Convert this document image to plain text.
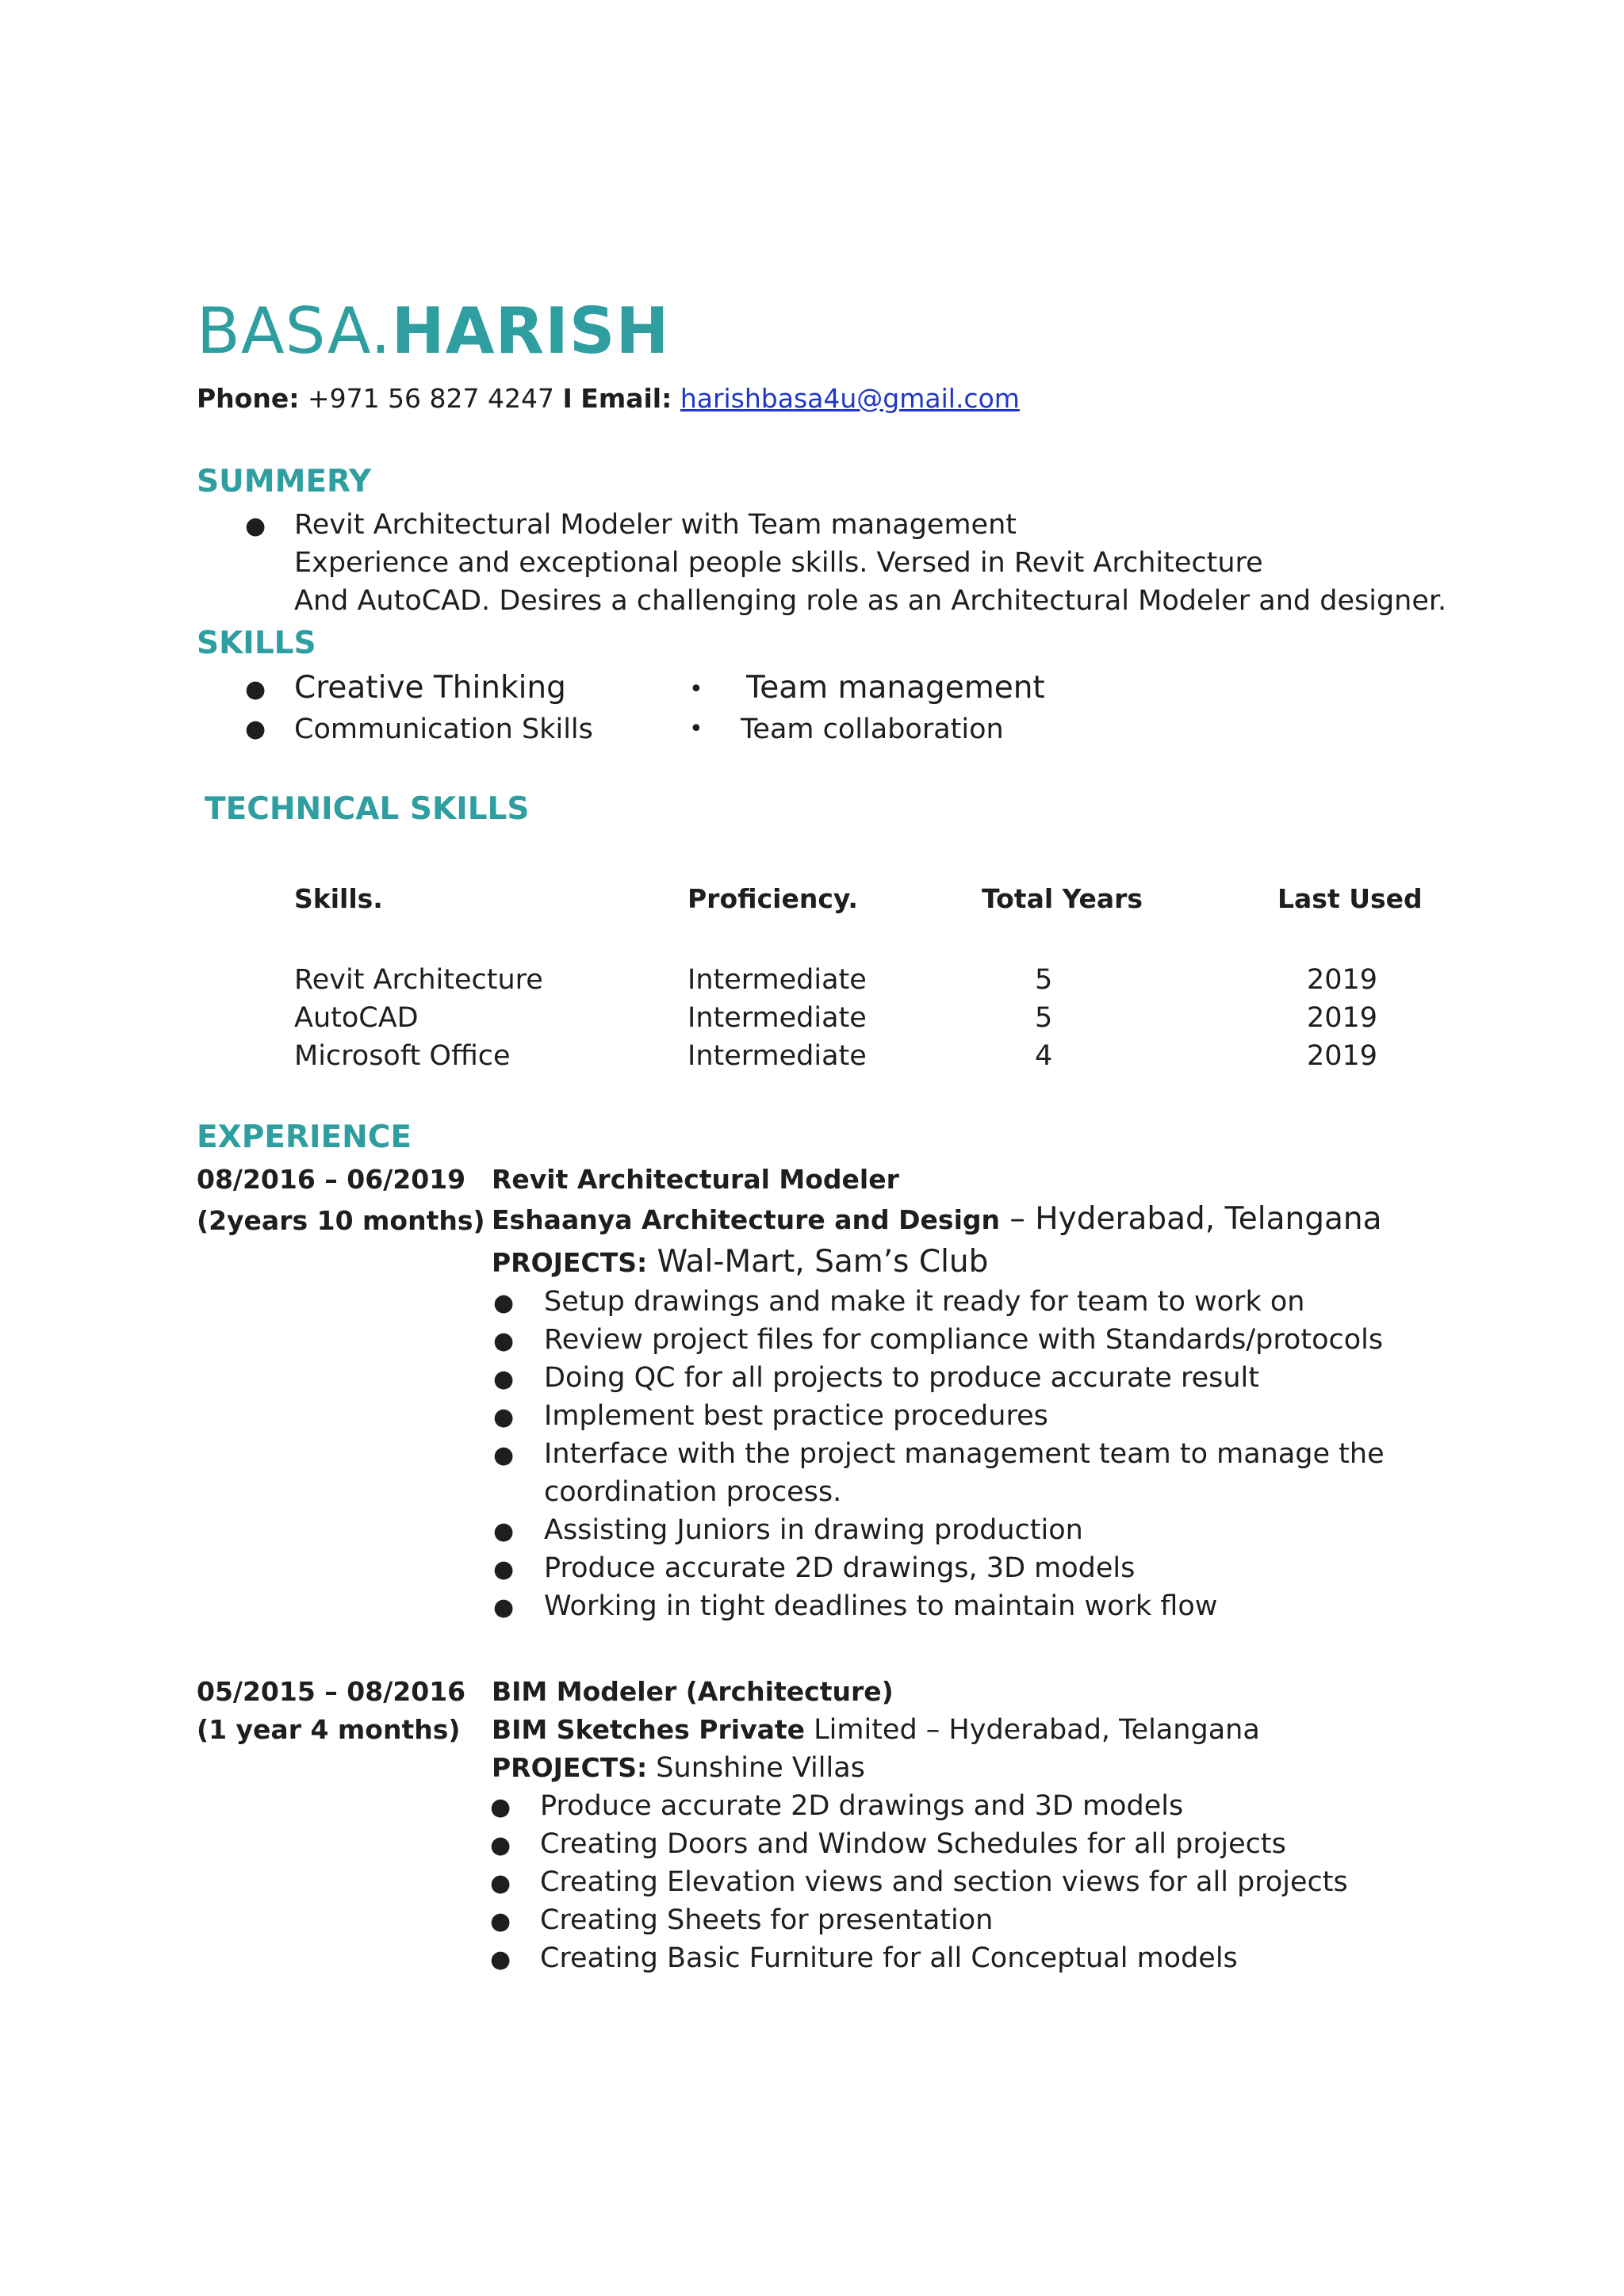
BASA.HARISH
Phone: +971 56 827 4247 I Email: harishbasa4u@gmail.com
SUMMERY
● Revit Architectural Modeler with Team management
Experience and exceptional people skills. Versed in Revit Architecture
And AutoCAD. Desires a challenging role as an Architectural Modeler and designer.
SKILLS
● Creative Thinking
● Communication Skills
• Team management
• Team collaboration
TECHNICAL SKILLS
Skills.	Proficiency.	Total Years	Last Used
Revit Architecture	Intermediate	5	2019
AutoCAD	Intermediate	5	2019
Microsoft Office	Intermediate	4	2019
EXPERIENCE
08/2016 – 06/2019
(2years 10 months)
Revit Architectural Modeler
Eshaanya Architecture and Design – Hyderabad, Telangana
PROJECTS: Wal-Mart, Sam’s Club
● Setup drawings and make it ready for team to work on
● Review project files for compliance with Standards/protocols
● Doing QC for all projects to produce accurate result
● Implement best practice procedures
● Interface with the project management team to manage the
coordination process.
● Assisting Juniors in drawing production
● Produce accurate 2D drawings, 3D models
● Working in tight deadlines to maintain work flow
05/2015 – 08/2016
(1 year 4 months)
BIM Modeler (Architecture)
BIM Sketches Private Limited – Hyderabad, Telangana
PROJECTS: Sunshine Villas
● Produce accurate 2D drawings and 3D models
● Creating Doors and Window Schedules for all projects
● Creating Elevation views and section views for all projects
● Creating Sheets for presentation
● Creating Basic Furniture for all Conceptual models
